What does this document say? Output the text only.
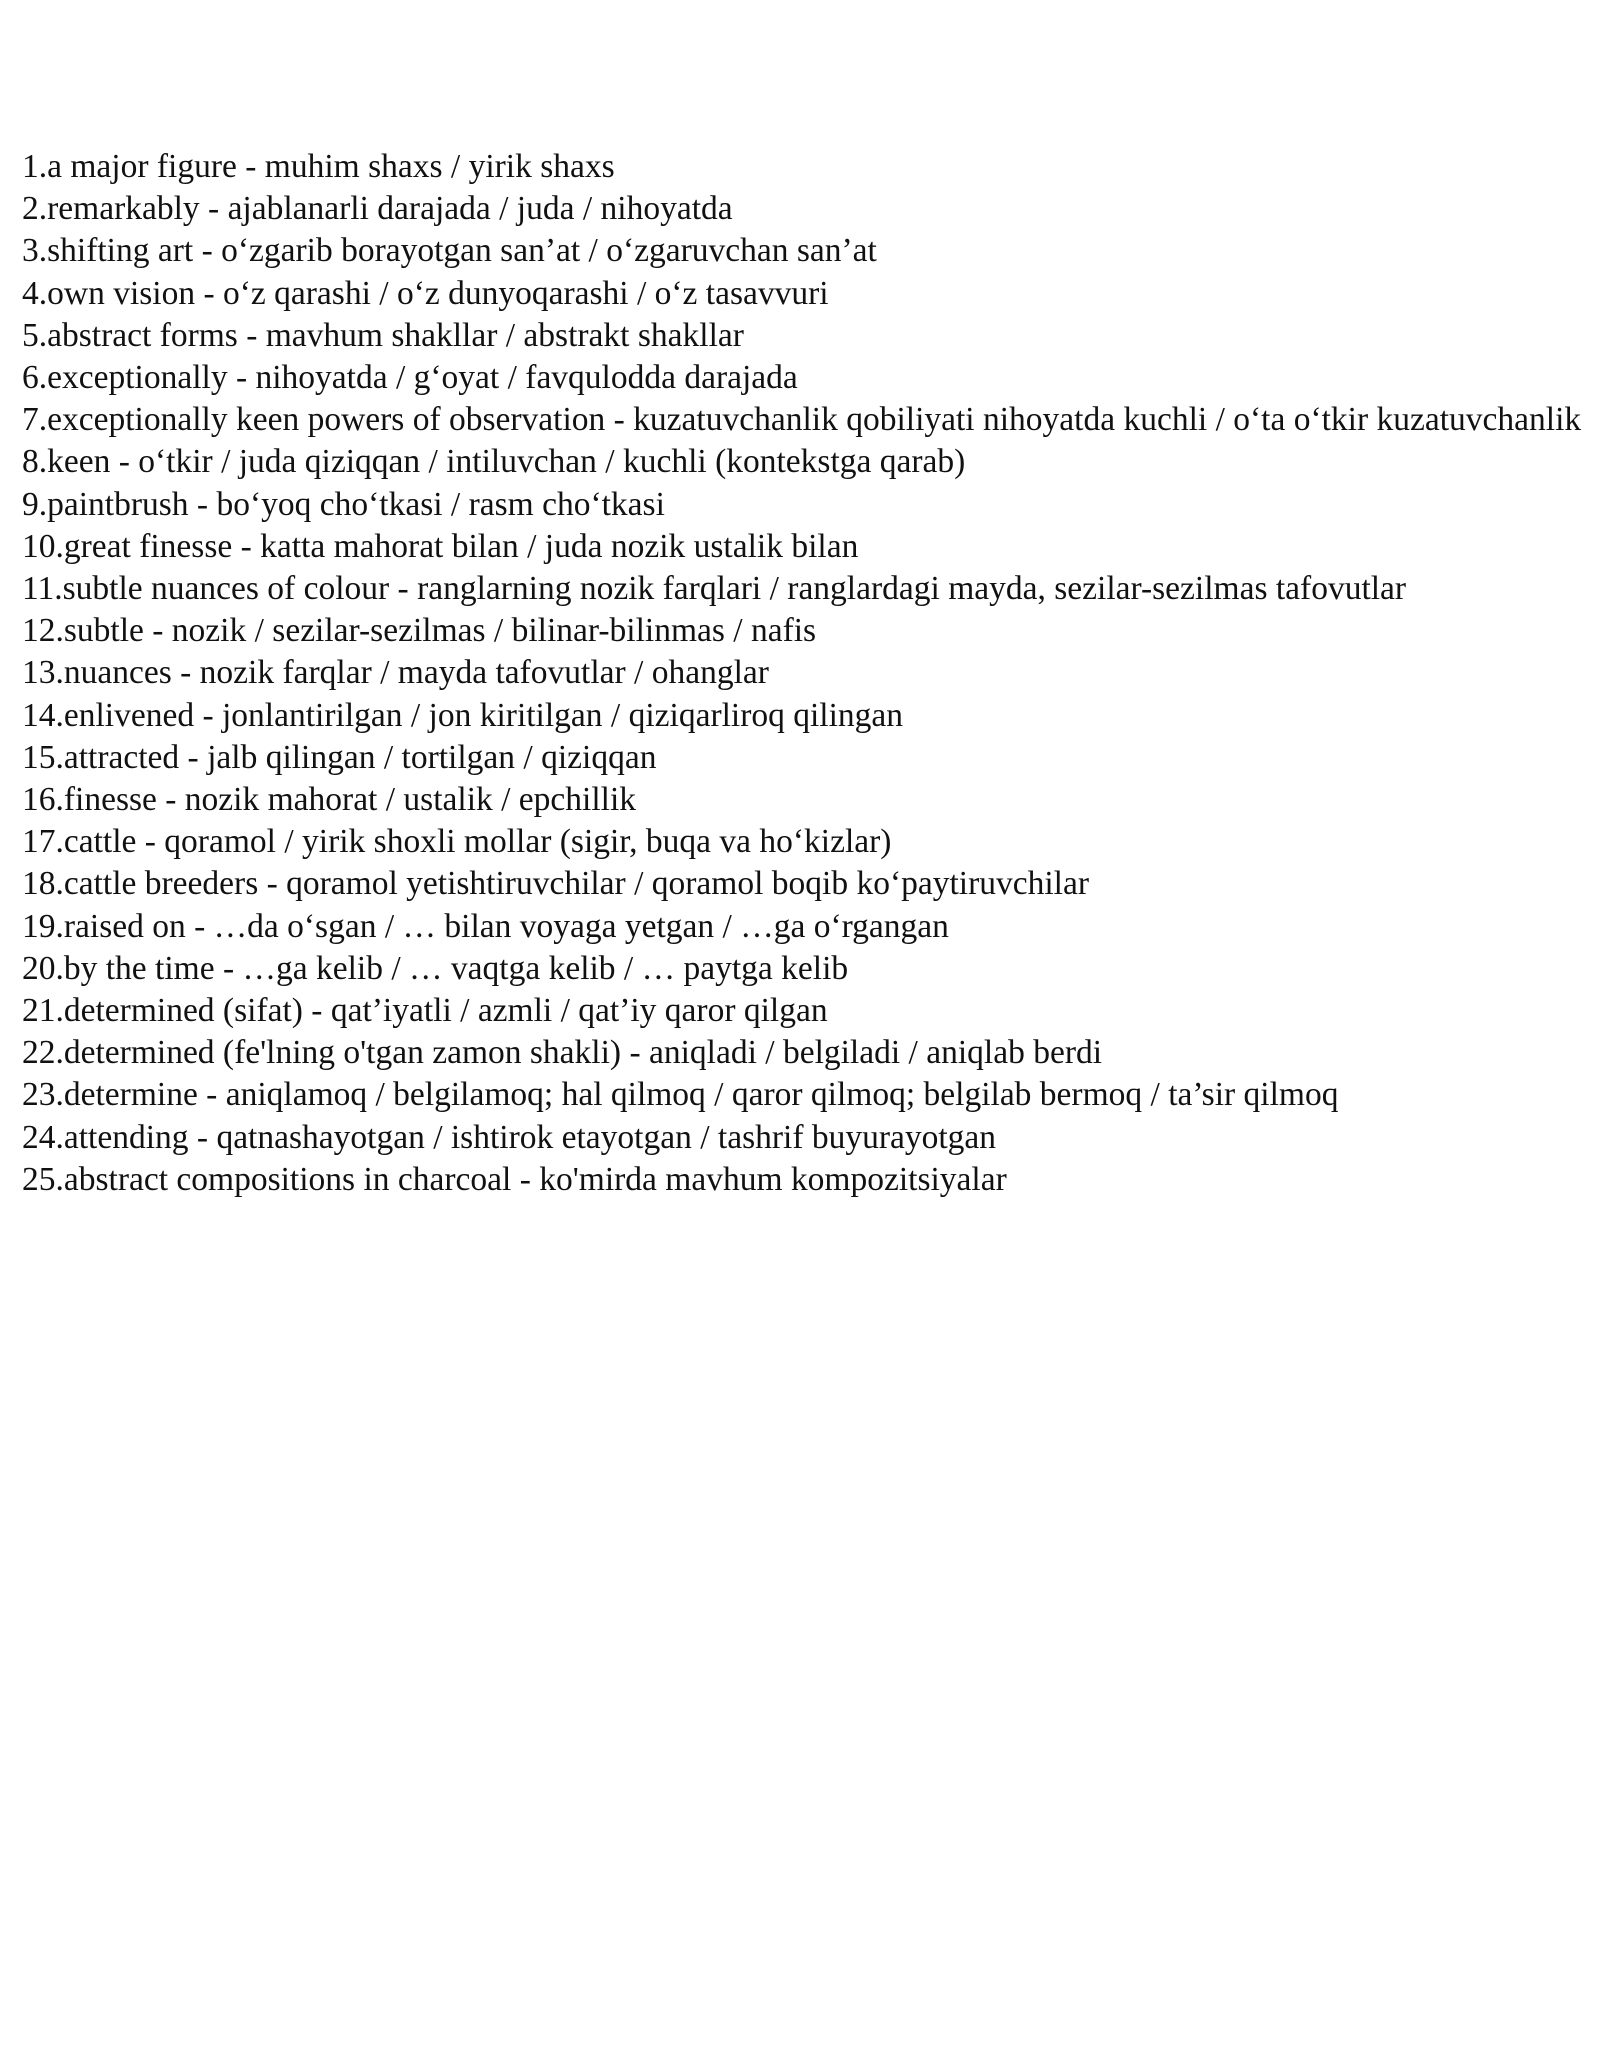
1.a major figure - muhim shaxs / yirik shaxs
2.remarkably - ajablanarli darajada / juda / nihoyatda
3.shifting art - o‘zgarib borayotgan san’at / o‘zgaruvchan san’at
4.own vision - o‘z qarashi / o‘z dunyoqarashi / o‘z tasavvuri
5.abstract forms - mavhum shakllar / abstrakt shakllar
6.exceptionally - nihoyatda / g‘oyat / favqulodda darajada
7.exceptionally keen powers of observation - kuzatuvchanlik qobiliyati nihoyatda kuchli / o‘ta o‘tkir kuzatuvchanlik
8.keen - o‘tkir / juda qiziqqan / intiluvchan / kuchli (kontekstga qarab)
9.paintbrush - bo‘yoq cho‘tkasi / rasm cho‘tkasi
10.great finesse - katta mahorat bilan / juda nozik ustalik bilan
11.subtle nuances of colour - ranglarning nozik farqlari / ranglardagi mayda, sezilar-sezilmas tafovutlar
12.subtle - nozik / sezilar-sezilmas / bilinar-bilinmas / nafis
13.nuances - nozik farqlar / mayda tafovutlar / ohanglar
14.enlivened - jonlantirilgan / jon kiritilgan / qiziqarliroq qilingan
15.attracted - jalb qilingan / tortilgan / qiziqqan
16.finesse - nozik mahorat / ustalik / epchillik
17.cattle - qoramol / yirik shoxli mollar (sigir, buqa va ho‘kizlar)
18.cattle breeders - qoramol yetishtiruvchilar / qoramol boqib ko‘paytiruvchilar
19.raised on - …da o‘sgan / … bilan voyaga yetgan / …ga o‘rgangan
20.by the time - …ga kelib / … vaqtga kelib / … paytga kelib
21.determined (sifat) - qat’iyatli / azmli / qat’iy qaror qilgan
22.determined (fe'lning o'tgan zamon shakli) - aniqladi / belgiladi / aniqlab berdi
23.determine - aniqlamoq / belgilamoq; hal qilmoq / qaror qilmoq; belgilab bermoq / ta’sir qilmoq
24.attending - qatnashayotgan / ishtirok etayotgan / tashrif buyurayotgan
25.abstract compositions in charcoal - ko'mirda mavhum kompozitsiyalar
